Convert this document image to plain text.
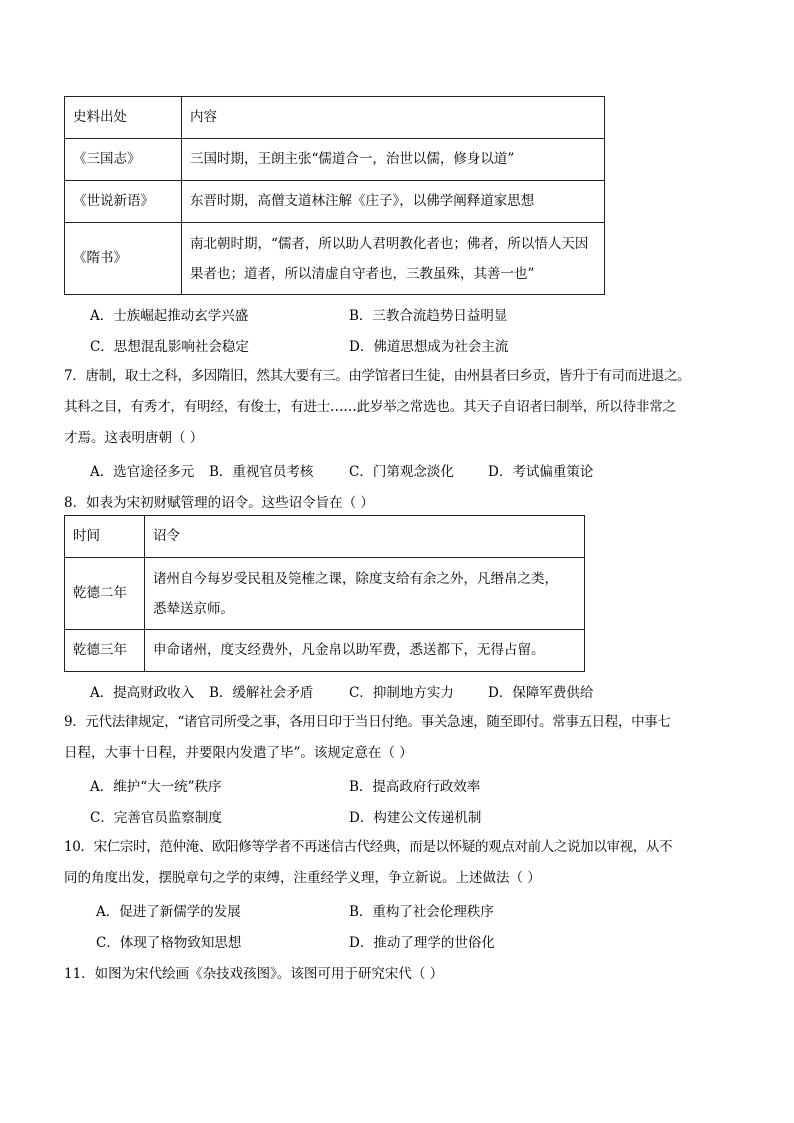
史料出处	内容
《三国志》	三国时期，王朗主张“儒道合一，治世以儒，修身以道”
《世说新语》	东晋时期，高僧支道林注解《庄子》，以佛学阐释道家思想
《隋书》	南北朝时期，“儒者，所以助人君明教化者也；佛者，所以悟人天因
果者也；道者，所以清虚自守者也，三教虽殊，其善一也”
A．士族崛起推动玄学兴盛	B．三教合流趋势日益明显
C．思想混乱影响社会稳定	D．佛道思想成为社会主流

7．唐制，取士之科，多因隋旧，然其大要有三。由学馆者曰生徒，由州县者曰乡贡，皆升于有司而进退之。

其科之目，有秀才，有明经，有俊士，有进士……此岁举之常选也。其天子自诏者曰制举，所以待非常之

才焉。这表明唐朝（ ）

A．选官途径多元 B．重视官员考核	C．门第观念淡化	D．考试偏重策论
8．如表为宋初财赋管理的诏令。这些诏令旨在（ ）
时间	诏令
乾德二年	诸州自今每岁受民租及筦榷之课，除度支给有余之外，凡缗帛之类，
悉辇送京师。

乾德三年	申命诸州，度支经费外，凡金帛以助军费，悉送都下，无得占留。
A．提高财政收入 B．缓解社会矛盾	C．抑制地方实力	D．保障军费供给

9．元代法律规定，“诸官司所受之事，各用日印于当日付绝。事关急速，随至即付。常事五日程，中事七

日程，大事十日程，并要限内发遣了毕”。该规定意在（ ）

A．维护“大一统”秩序	B．提高政府行政效率
C．完善官员监察制度	D．构建公文传递机制

10．宋仁宗时，范仲淹、欧阳修等学者不再迷信古代经典，而是以怀疑的观点对前人之说加以审视，从不

同的角度出发，摆脱章句之学的束缚，注重经学义理，争立新说。上述做法（ ）

A．促进了新儒学的发展	B．重构了社会伦理秩序
C．体现了格物致知思想	D．推动了理学的世俗化
11．如图为宋代绘画《杂技戏孩图》。该图可用于研究宋代（ ）
